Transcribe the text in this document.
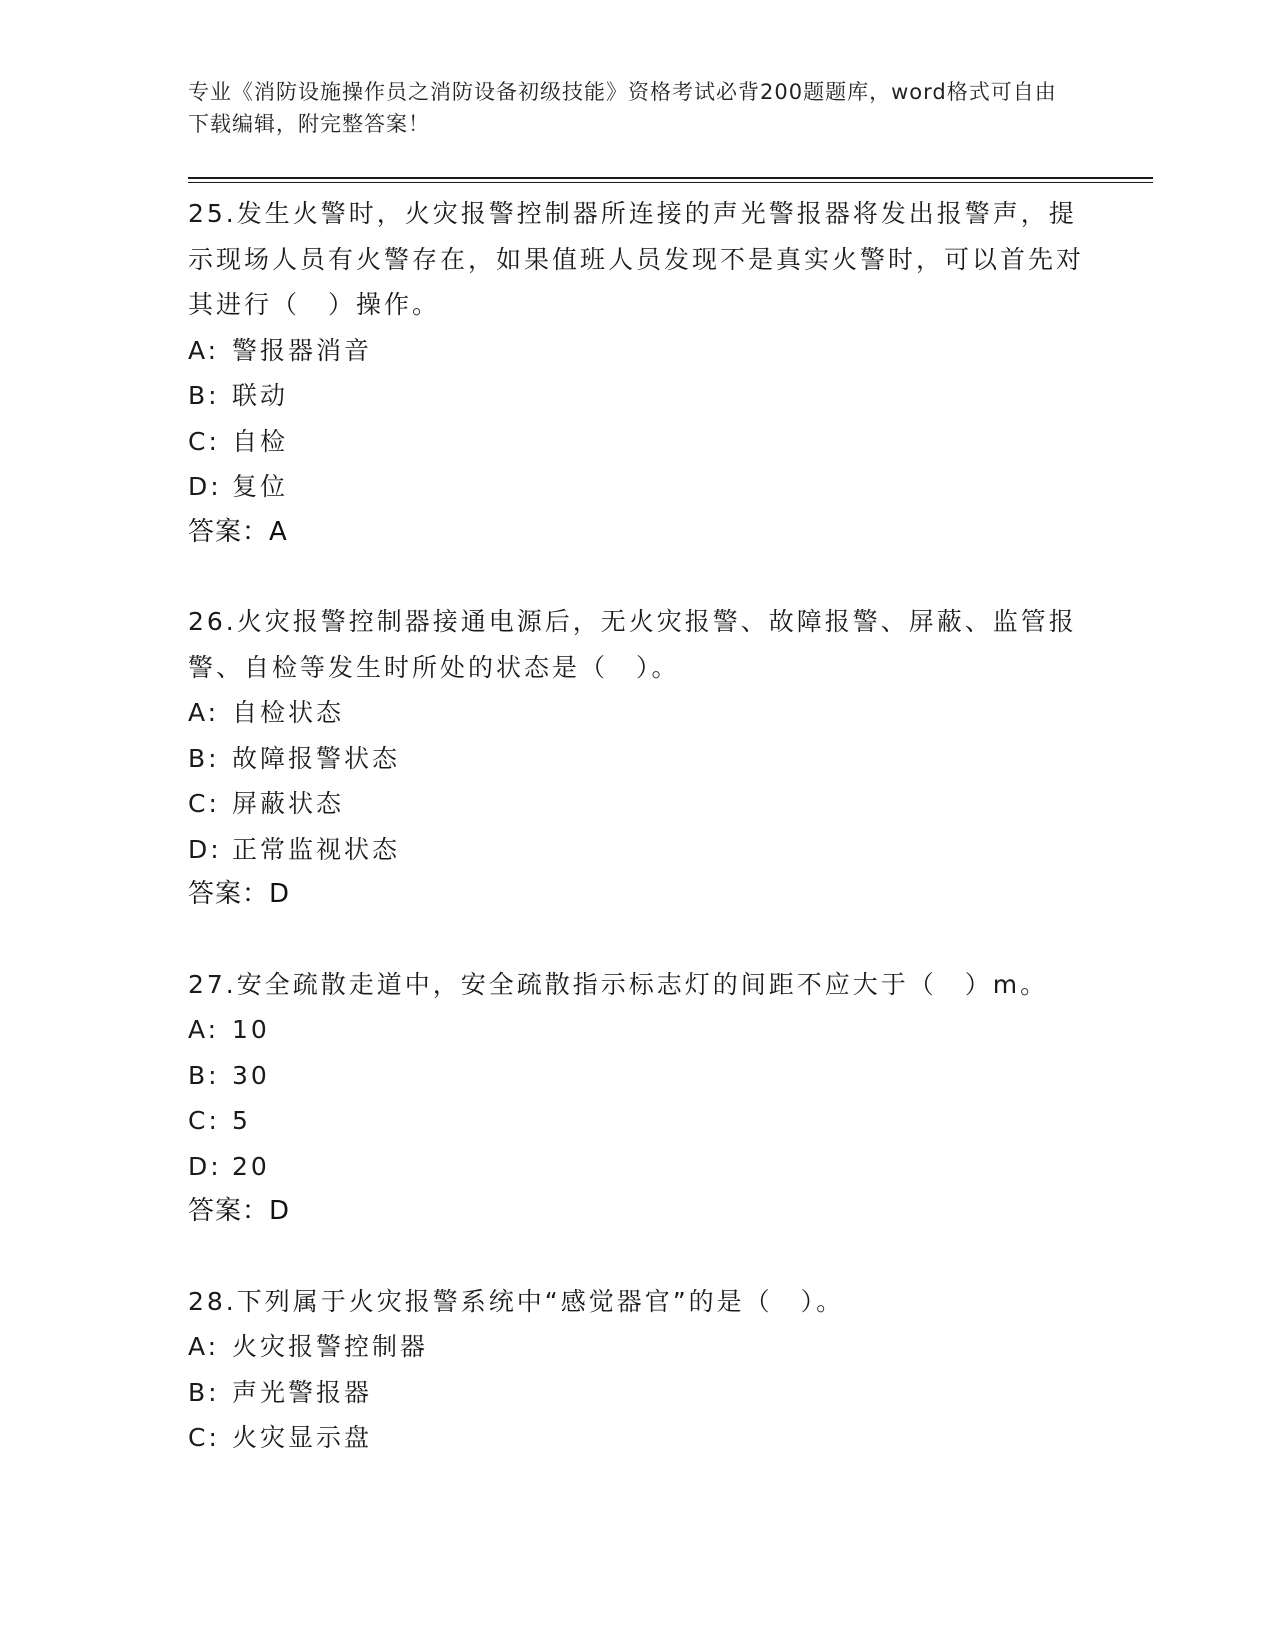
专业《消防设施操作员之消防设备初级技能》资格考试必背200题题库，word格式可自由下载编辑，附完整答案！

25.发生火警时，火灾报警控制器所连接的声光警报器将发出报警声，提示现场人员有火警存在，如果值班人员发现不是真实火警时，可以首先对其进行（　）操作。

A: 警报器消音

B: 联动

C: 自检

D: 复位

答案：A

26.火灾报警控制器接通电源后，无火灾报警、故障报警、屏蔽、监管报警、自检等发生时所处的状态是（　）。

A: 自检状态

B: 故障报警状态

C: 屏蔽状态

D: 正常监视状态

答案：D

27.安全疏散走道中，安全疏散指示标志灯的间距不应大于（　）m。

A: 10

B: 30

C: 5

D: 20

答案：D

28.下列属于火灾报警系统中“感觉器官”的是（　）。

A: 火灾报警控制器

B: 声光警报器

C: 火灾显示盘
